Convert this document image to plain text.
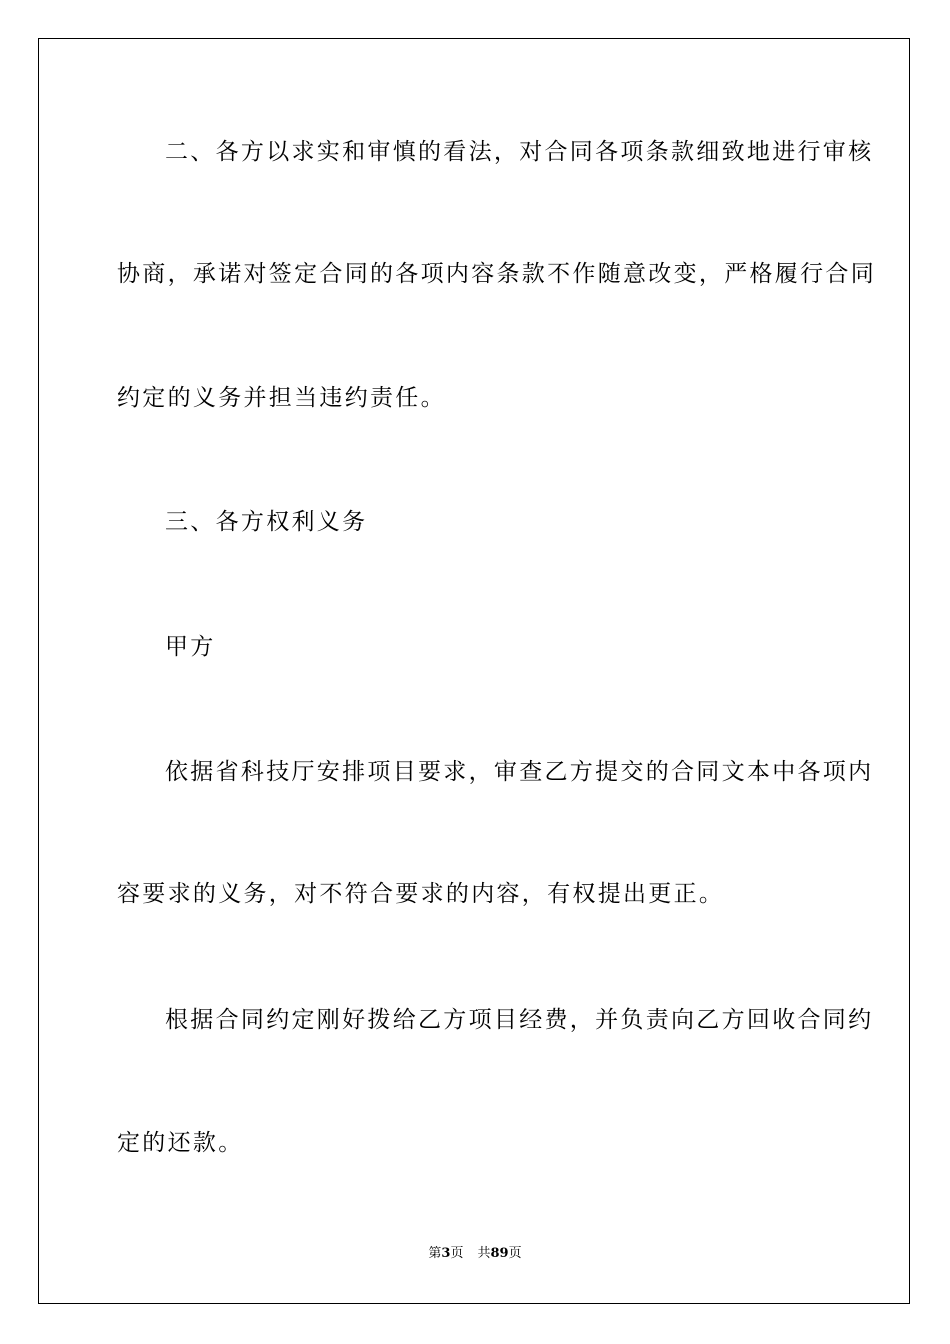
二、各方以求实和审慎的看法，对合同各项条款细致地进行审核
协商，承诺对签定合同的各项内容条款不作随意改变，严格履行合同
约定的义务并担当违约责任。
三、各方权利义务
甲方
依据省科技厅安排项目要求，审查乙方提交的合同文本中各项内
容要求的义务，对不符合要求的内容，有权提出更正。
根据合同约定刚好拨给乙方项目经费，并负责向乙方回收合同约
定的还款。
第3页 共89页
